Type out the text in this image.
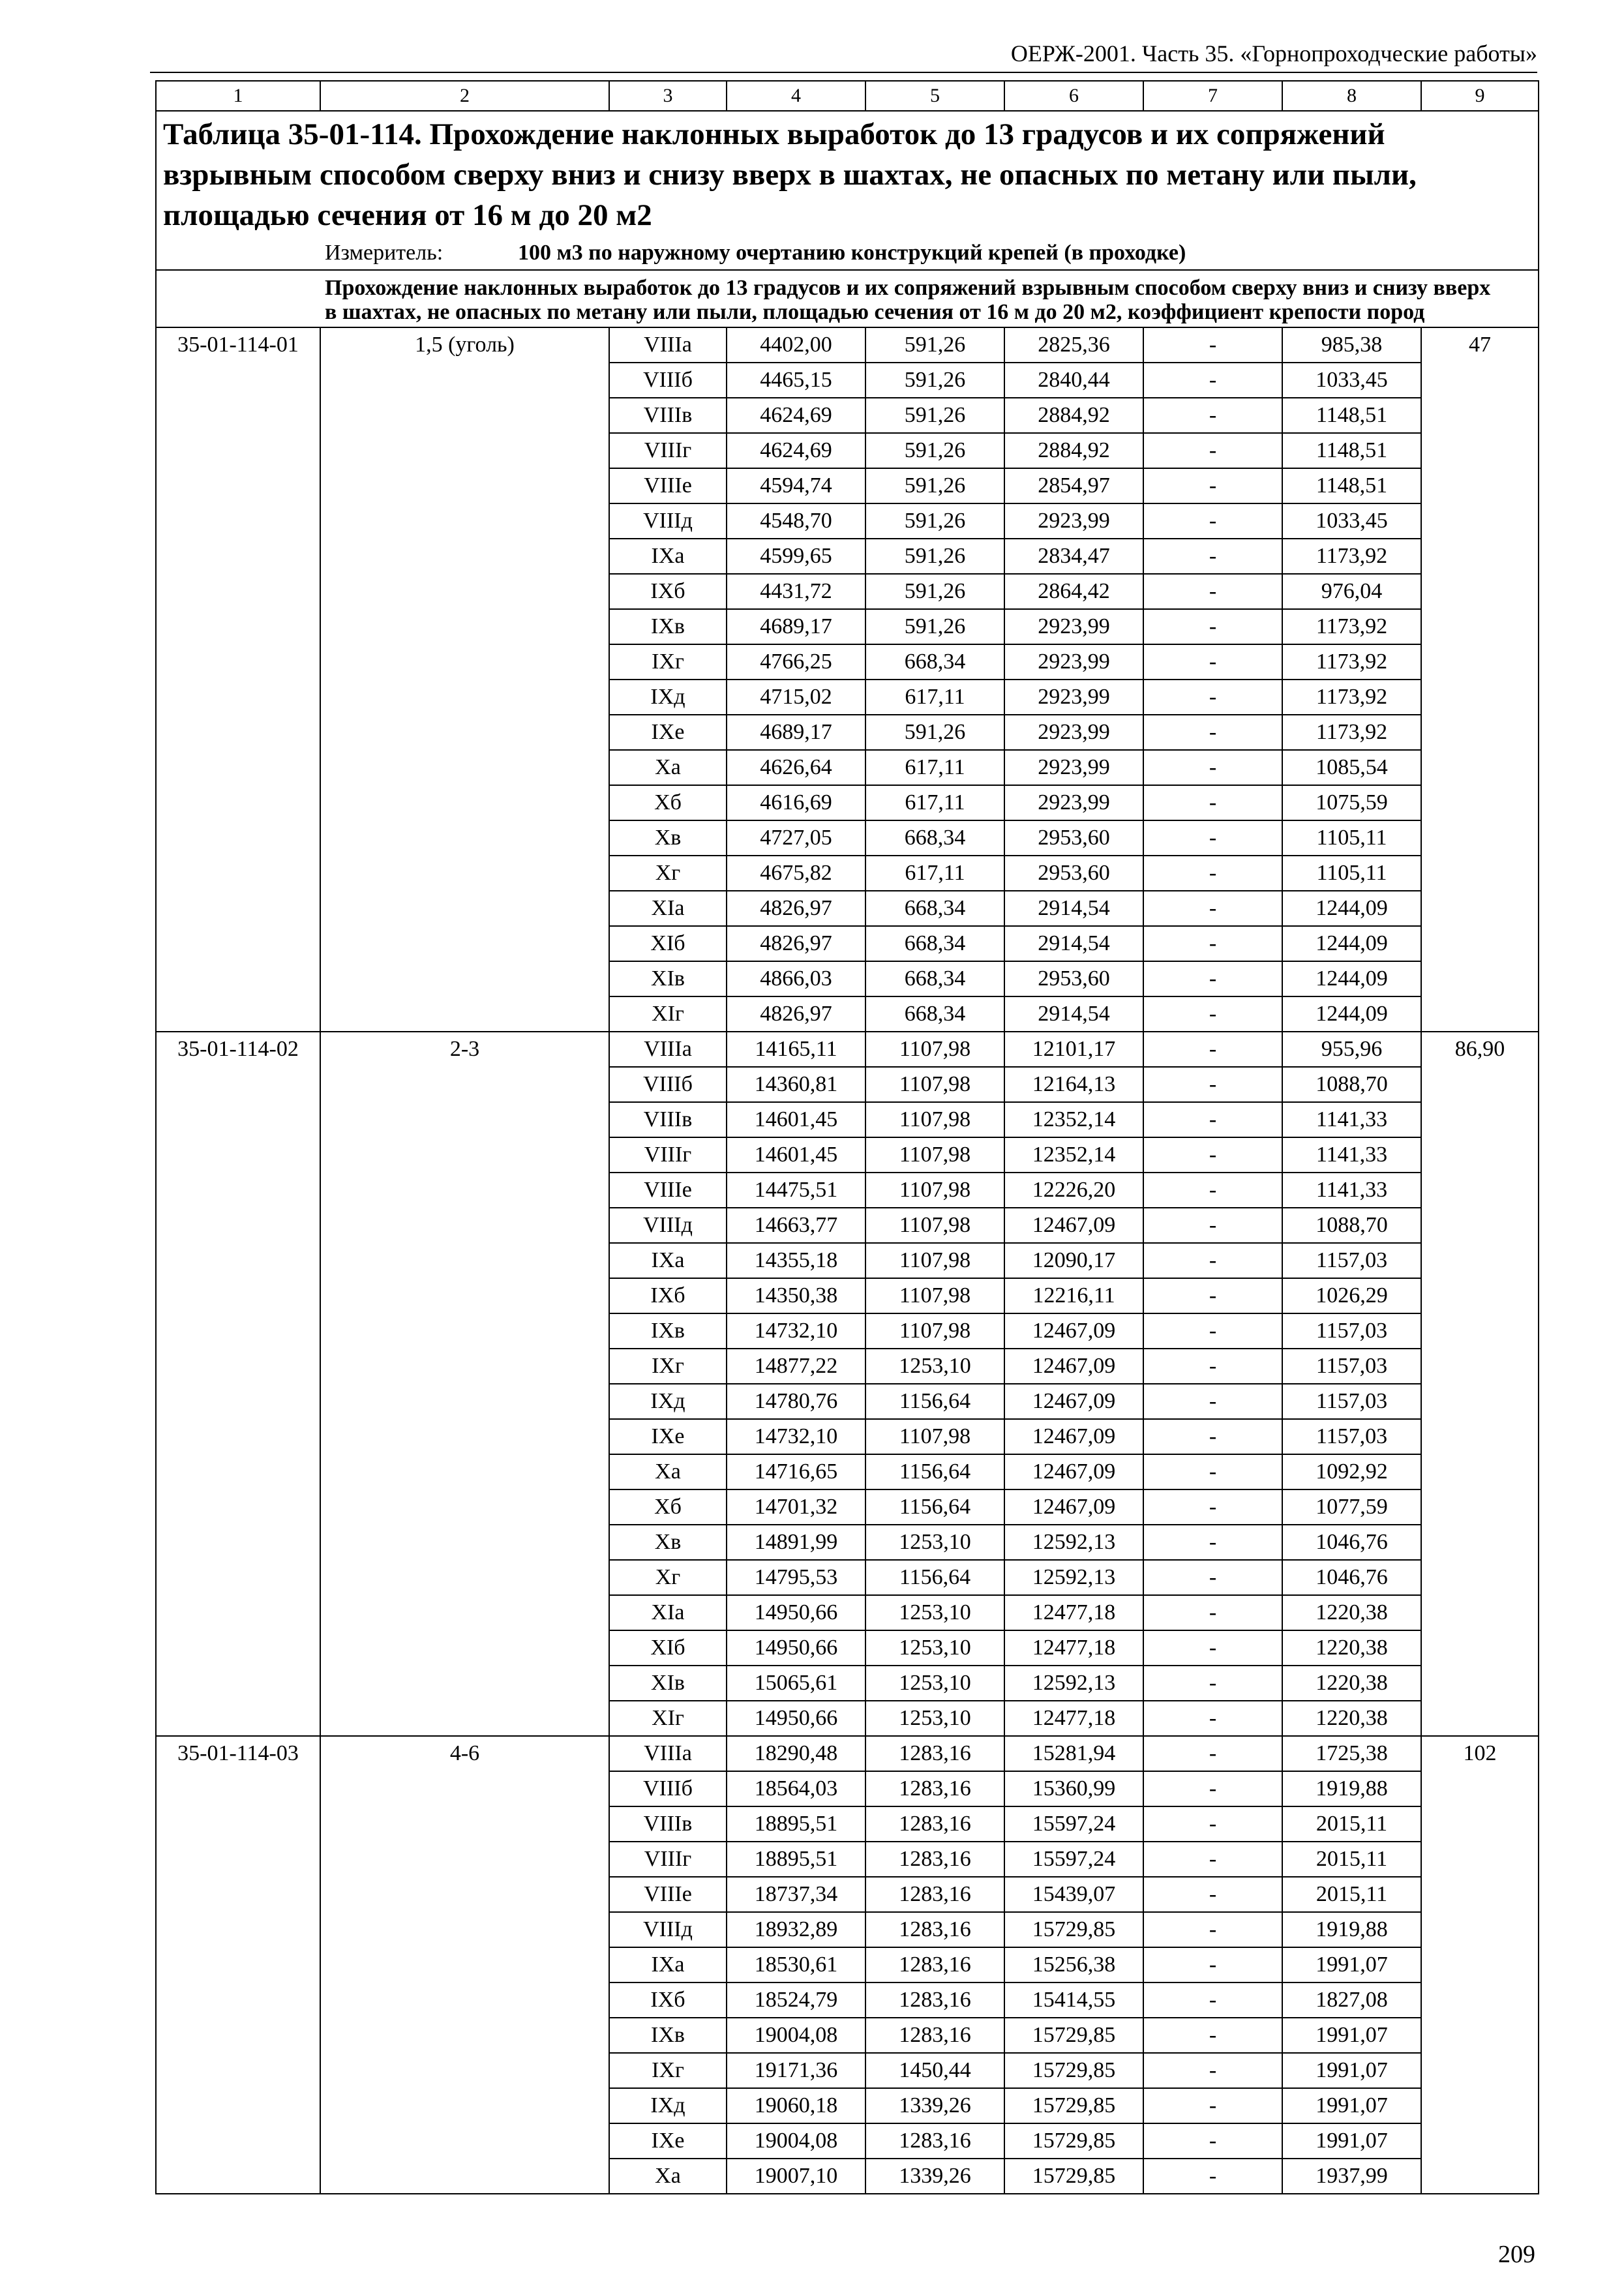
ОЕРЖ-2001. Часть 35. «Горнопроходческие работы»
1	2	3	4	5	6	7	8	9

Таблица 35-01-114. Прохождение наклонных выработок до 13 градусов и их сопряжений взрывным способом сверху вниз и снизу вверх в шахтах, не опасных по метану или пыли, площадью сечения от 16 м до 20 м2
Измеритель: 100 м3 по наружному очертанию конструкций крепей (в проходке)								

Прохождение наклонных выработок до 13 градусов и их сопряжений взрывным способом сверху вниз и снизу вверх в шахтах, не опасных по метану или пыли, площадью сечения от 16 м до 20 м2, коэффициент крепости пород								
35-01-114-01	1,5 (уголь)	VIIIа	4402,00	591,26	2825,36	-	985,38	47
		VIIIб	4465,15	591,26	2840,44	-	1033,45	
		VIIIв	4624,69	591,26	2884,92	-	1148,51	
		VIIIг	4624,69	591,26	2884,92	-	1148,51	
		VIIIе	4594,74	591,26	2854,97	-	1148,51	
		VIIIд	4548,70	591,26	2923,99	-	1033,45	
		IXа	4599,65	591,26	2834,47	-	1173,92	
		IXб	4431,72	591,26	2864,42	-	976,04	
		IXв	4689,17	591,26	2923,99	-	1173,92	
		IXг	4766,25	668,34	2923,99	-	1173,92	
		IXд	4715,02	617,11	2923,99	-	1173,92	
		IXе	4689,17	591,26	2923,99	-	1173,92	
		Xа	4626,64	617,11	2923,99	-	1085,54	
		Xб	4616,69	617,11	2923,99	-	1075,59	
		Xв	4727,05	668,34	2953,60	-	1105,11	
		Xг	4675,82	617,11	2953,60	-	1105,11	
		XIа	4826,97	668,34	2914,54	-	1244,09	
		XIб	4826,97	668,34	2914,54	-	1244,09	
		XIв	4866,03	668,34	2953,60	-	1244,09	
		XIг	4826,97	668,34	2914,54	-	1244,09	
35-01-114-02	2-3	VIIIа	14165,11	1107,98	12101,17	-	955,96	86,90
		VIIIб	14360,81	1107,98	12164,13	-	1088,70	
		VIIIв	14601,45	1107,98	12352,14	-	1141,33	
		VIIIг	14601,45	1107,98	12352,14	-	1141,33	
		VIIIе	14475,51	1107,98	12226,20	-	1141,33	
		VIIIд	14663,77	1107,98	12467,09	-	1088,70	
		IXа	14355,18	1107,98	12090,17	-	1157,03	
		IXб	14350,38	1107,98	12216,11	-	1026,29	
		IXв	14732,10	1107,98	12467,09	-	1157,03	
		IXг	14877,22	1253,10	12467,09	-	1157,03	
		IXд	14780,76	1156,64	12467,09	-	1157,03	
		IXе	14732,10	1107,98	12467,09	-	1157,03	
		Xа	14716,65	1156,64	12467,09	-	1092,92	
		Xб	14701,32	1156,64	12467,09	-	1077,59	
		Xв	14891,99	1253,10	12592,13	-	1046,76	
		Xг	14795,53	1156,64	12592,13	-	1046,76	
		XIа	14950,66	1253,10	12477,18	-	1220,38	
		XIб	14950,66	1253,10	12477,18	-	1220,38	
		XIв	15065,61	1253,10	12592,13	-	1220,38	
		XIг	14950,66	1253,10	12477,18	-	1220,38	
35-01-114-03	4-6	VIIIа	18290,48	1283,16	15281,94	-	1725,38	102
		VIIIб	18564,03	1283,16	15360,99	-	1919,88	
		VIIIв	18895,51	1283,16	15597,24	-	2015,11	
		VIIIг	18895,51	1283,16	15597,24	-	2015,11	
		VIIIе	18737,34	1283,16	15439,07	-	2015,11	
		VIIIд	18932,89	1283,16	15729,85	-	1919,88	
		IXа	18530,61	1283,16	15256,38	-	1991,07	
		IXб	18524,79	1283,16	15414,55	-	1827,08	
		IXв	19004,08	1283,16	15729,85	-	1991,07	
		IXг	19171,36	1450,44	15729,85	-	1991,07	
		IXд	19060,18	1339,26	15729,85	-	1991,07	
		IXе	19004,08	1283,16	15729,85	-	1991,07	
		Xа	19007,10	1339,26	15729,85	-	1937,99	
209
